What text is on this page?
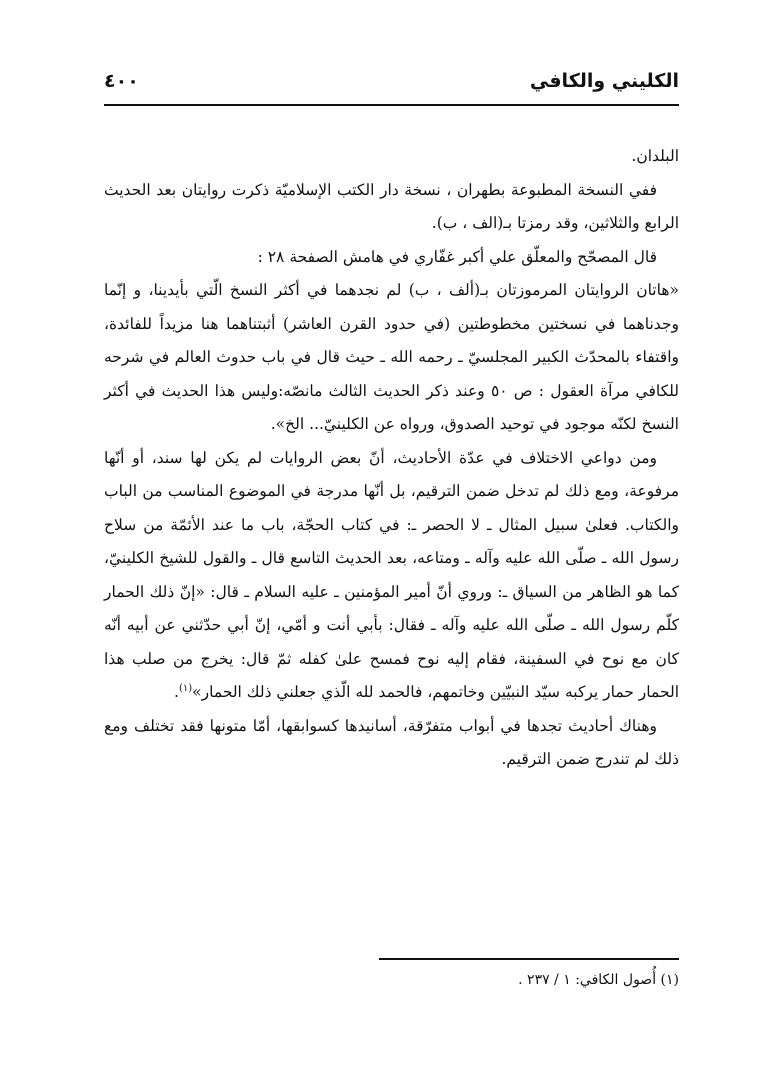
الكليني والكافي
٤٠٠

البلدان.

ففي النسخة المطبوعة بطهران ، نسخة دار الكتب الإسلاميّة ذكرت روايتان بعد الحديث الرابع والثلاثين، وقد رمزتا بـ(الف ، ب).

قال المصحّح والمعلّق علي أكبر غفّاري في هامش الصفحة ٢٨ :

«هاتان الروايتان المرموزتان بـ(ألف ، ب) لم نجدهما في أكثر النسخ الّتي بأيدينا، و إنّما وجدناهما في نسختين مخطوطتين (في حدود القرن العاشر) أثبتناهما هنا مزيداً للفائدة، واقتفاء بالمحدّث الكبير المجلسيّ ـ رحمه الله ـ حيث قال في باب حدوث العالم في شرحه للكافي مرآة العقول : ص ٥٠ وعند ذكر الحديث الثالث مانصّه:وليس هذا الحديث في أكثر النسخ لكنّه موجود في توحيد الصدوق، ورواه عن الكلينيّ... الخ».

ومن دواعي الاختلاف في عدّة الأحاديث، أنّ بعض الروايات لم يكن لها سند، أو أنّها مرفوعة، ومع ذلك لم تدخل ضمن الترقيم، بل أنّها مدرجة في الموضوع المناسب من الباب والكتاب. فعلىٰ سبيل المثال ـ لا الحصر ـ: في كتاب الحجّة، باب ما عند الأئمّة من سلاح رسول الله ـ صلّى الله عليه وآله ـ ومتاعه، بعد الحديث التاسع قال ـ والقول للشيخ الكلينيّ، كما هو الظاهر من السياق ـ: وروي أنّ أمير المؤمنين ـ عليه السلام ـ قال: «إنّ ذلك الحمار كلّم رسول الله ـ صلّى الله عليه وآله ـ فقال: بأبي أنت و أمّي، إنّ أبي حدّثني عن أبيه أنّه كان مع نوح في السفينة، فقام إليه نوح فمسح علىٰ كفله ثمّ قال: يخرج من صلب هذا الحمار حمار يركبه سيّد النبيّين وخاتمهم، فالحمد لله الّذي جعلني ذلك الحمار»$^{(١)}$.

وهناك أحاديث تجدها في أبواب متفرّقة، أسانيدها كسوابقها، أمّا متونها فقد تختلف ومع ذلك لم تندرج ضمن الترقيم.

(١) أُصول الكافي: ١ / ٢٣٧ .
